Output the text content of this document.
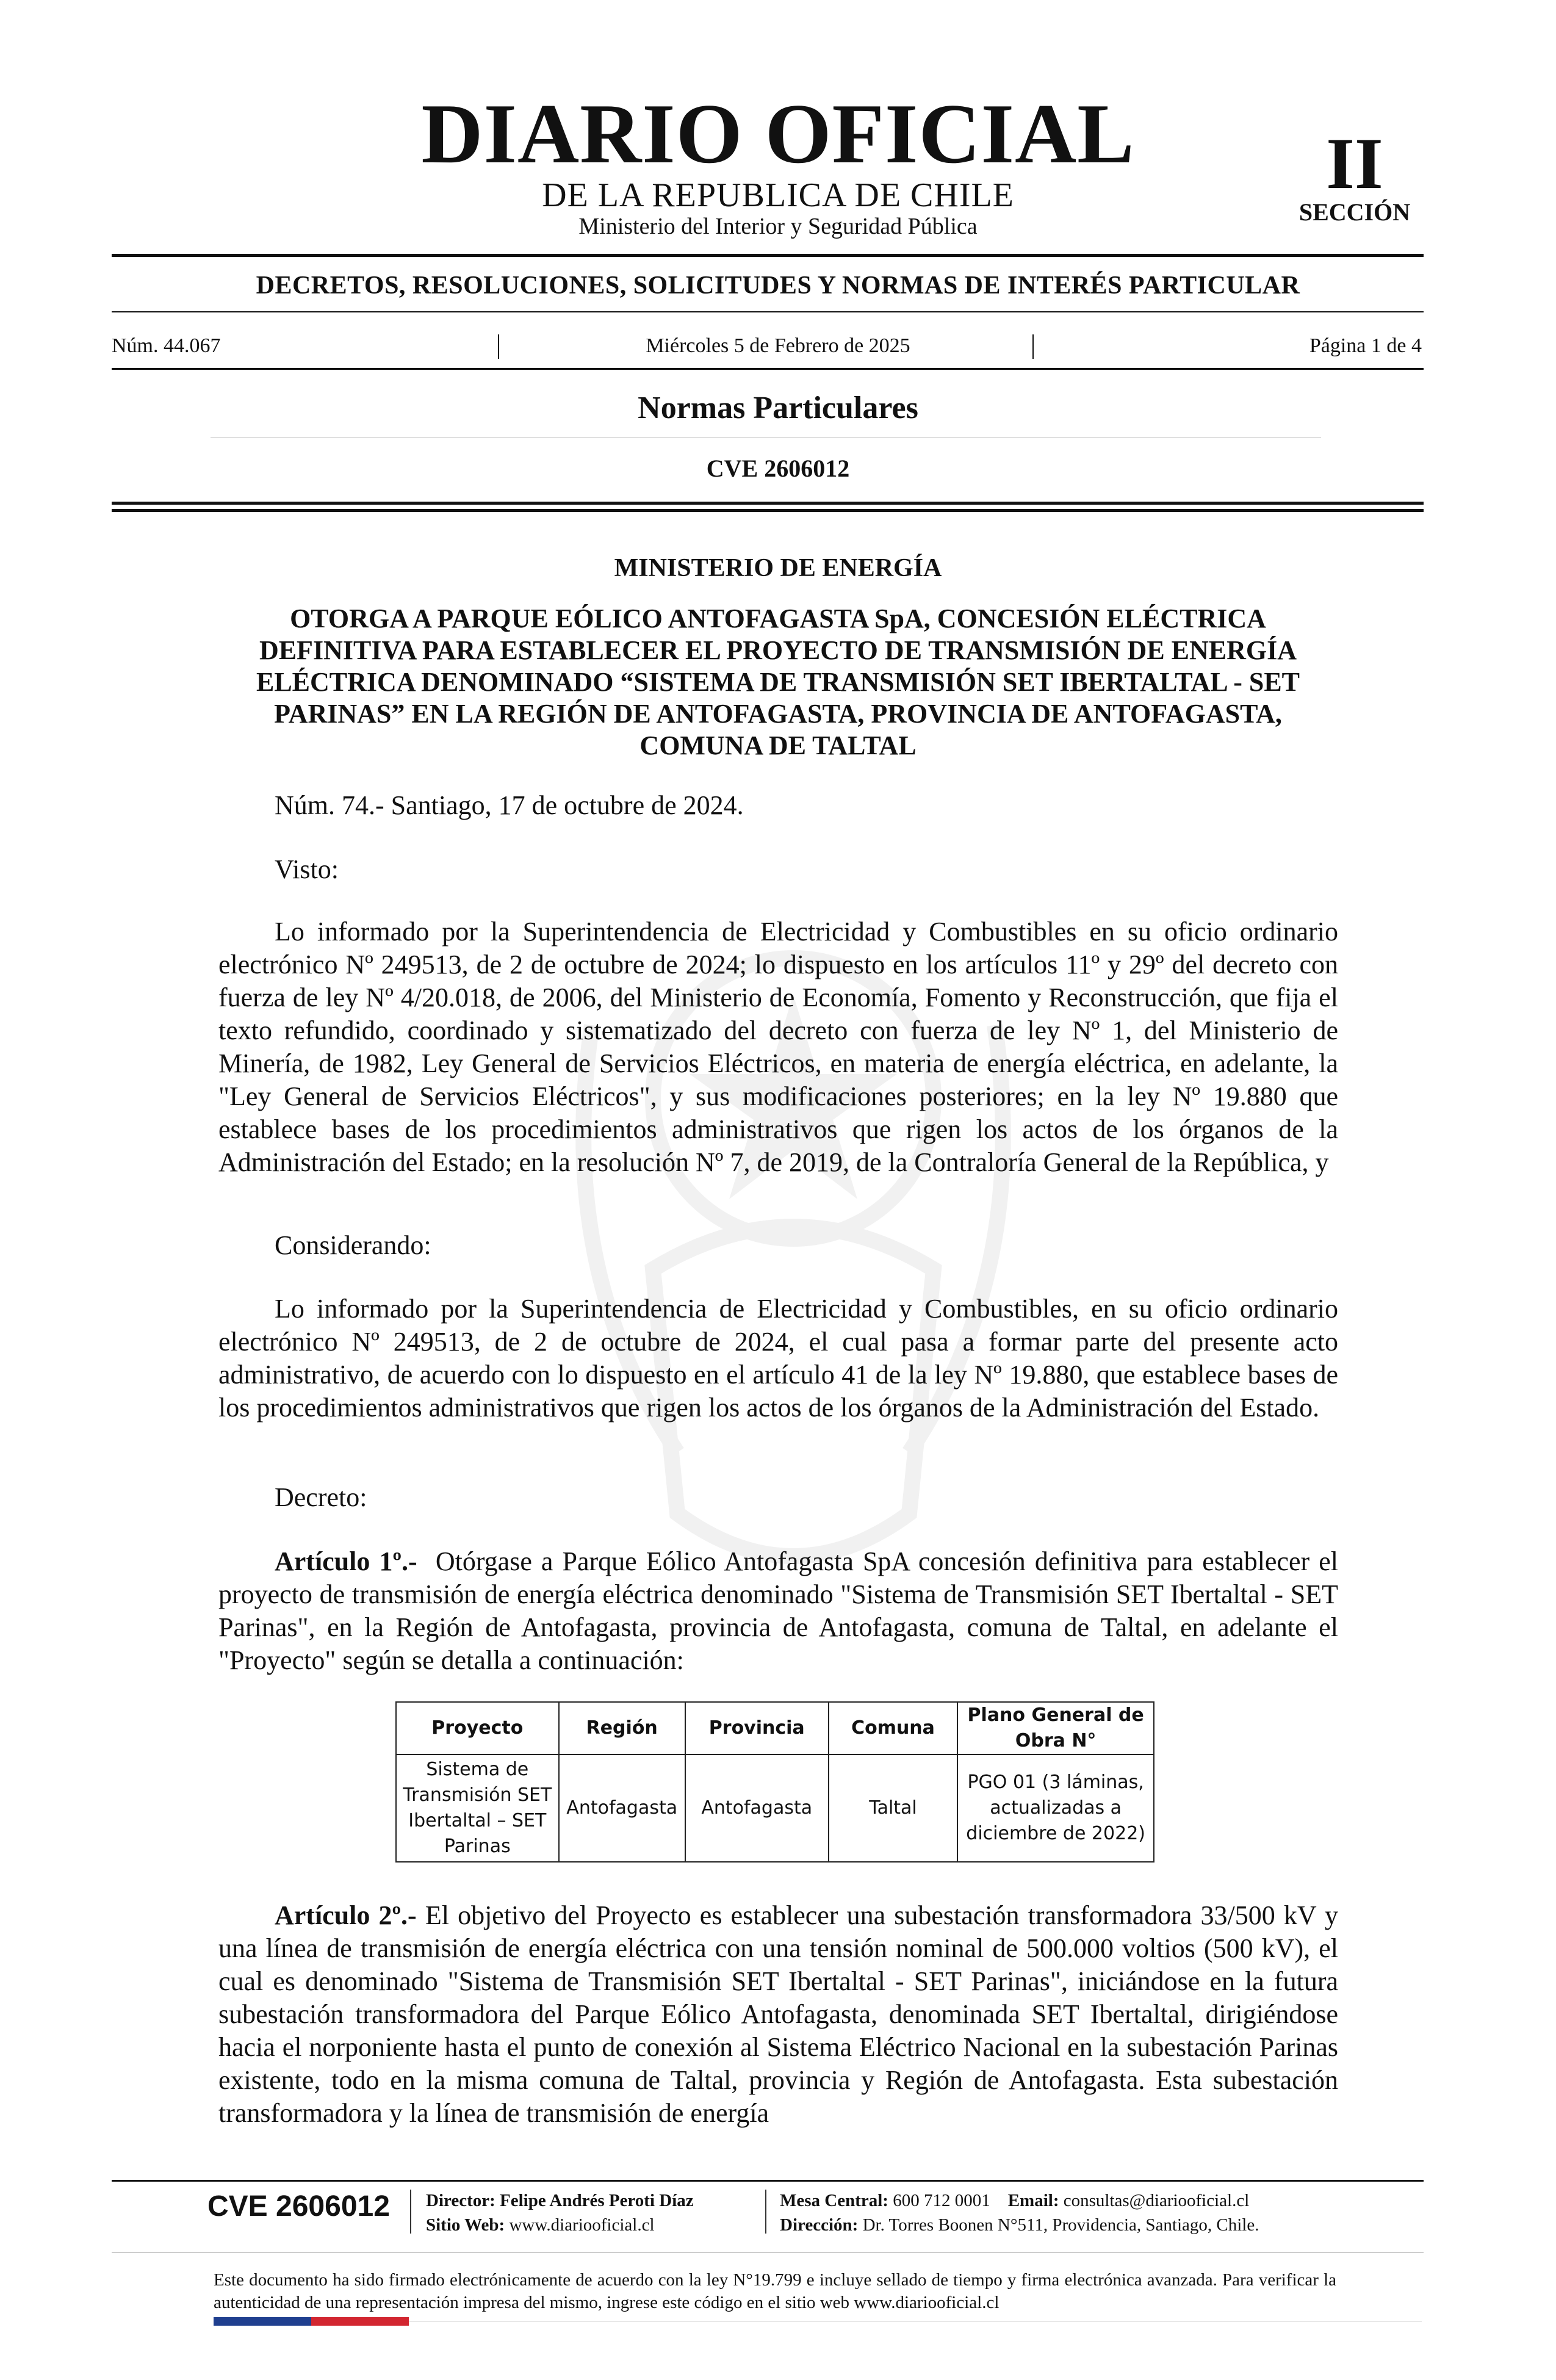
DIARIO OFICIAL
DE LA REPUBLICA DE CHILE
Ministerio del Interior y Seguridad Pública
II
SECCIÓN
DECRETOS, RESOLUCIONES, SOLICITUDES Y NORMAS DE INTERÉS PARTICULAR
Núm. 44.067	Miércoles 5 de Febrero de 2025	Página 1 de 4
Normas Particulares
CVE 2606012
MINISTERIO DE ENERGÍA
OTORGA A PARQUE EÓLICO ANTOFAGASTA SpA, CONCESIÓN ELÉCTRICA DEFINITIVA PARA ESTABLECER EL PROYECTO DE TRANSMISIÓN DE ENERGÍA ELÉCTRICA DENOMINADO “SISTEMA DE TRANSMISIÓN SET IBERTALTAL - SET PARINAS” EN LA REGIÓN DE ANTOFAGASTA, PROVINCIA DE ANTOFAGASTA, COMUNA DE TALTAL
Núm. 74.- Santiago, 17 de octubre de 2024.
Visto:
Lo informado por la Superintendencia de Electricidad y Combustibles en su oficio ordinario electrónico Nº 249513, de 2 de octubre de 2024; lo dispuesto en los artículos 11º y 29º del decreto con fuerza de ley Nº 4/20.018, de 2006, del Ministerio de Economía, Fomento y Reconstrucción, que fija el texto refundido, coordinado y sistematizado del decreto con fuerza de ley Nº 1, del Ministerio de Minería, de 1982, Ley General de Servicios Eléctricos, en materia de energía eléctrica, en adelante, la "Ley General de Servicios Eléctricos", y sus modificaciones posteriores; en la ley Nº 19.880 que establece bases de los procedimientos administrativos que rigen los actos de los órganos de la Administración del Estado; en la resolución Nº 7, de 2019, de la Contraloría General de la República, y
Considerando:
Lo informado por la Superintendencia de Electricidad y Combustibles, en su oficio ordinario electrónico Nº 249513, de 2 de octubre de 2024, el cual pasa a formar parte del presente acto administrativo, de acuerdo con lo dispuesto en el artículo 41 de la ley Nº 19.880, que establece bases de los procedimientos administrativos que rigen los actos de los órganos de la Administración del Estado.
Decreto:
Artículo 1º.- Otórgase a Parque Eólico Antofagasta SpA concesión definitiva para establecer el proyecto de transmisión de energía eléctrica denominado "Sistema de Transmisión SET Ibertaltal - SET Parinas", en la Región de Antofagasta, provincia de Antofagasta, comuna de Taltal, en adelante el "Proyecto" según se detalla a continuación:
Proyecto	Región	Provincia	Comuna	Plano General de Obra N°
Sistema de Transmisión SET Ibertaltal – SET Parinas	Antofagasta	Antofagasta	Taltal	PGO 01 (3 láminas, actualizadas a diciembre de 2022)
Artículo 2º.- El objetivo del Proyecto es establecer una subestación transformadora 33/500 kV y una línea de transmisión de energía eléctrica con una tensión nominal de 500.000 voltios (500 kV), el cual es denominado "Sistema de Transmisión SET Ibertaltal - SET Parinas", iniciándose en la futura subestación transformadora del Parque Eólico Antofagasta, denominada SET Ibertaltal, dirigiéndose hacia el norponiente hasta el punto de conexión al Sistema Eléctrico Nacional en la subestación Parinas existente, todo en la misma comuna de Taltal, provincia y Región de Antofagasta. Esta subestación transformadora y la línea de transmisión de energía
CVE 2606012 Director: Felipe Andrés Peroti Díaz
Sitio Web: www.diariooficial.cl
Mesa Central: 600 712 0001 Email: consultas@diariooficial.cl
Dirección: Dr. Torres Boonen N°511, Providencia, Santiago, Chile.
Este documento ha sido firmado electrónicamente de acuerdo con la ley N°19.799 e incluye sellado de tiempo y firma electrónica avanzada. Para verificar la autenticidad de una representación impresa del mismo, ingrese este código en el sitio web www.diariooficial.cl
